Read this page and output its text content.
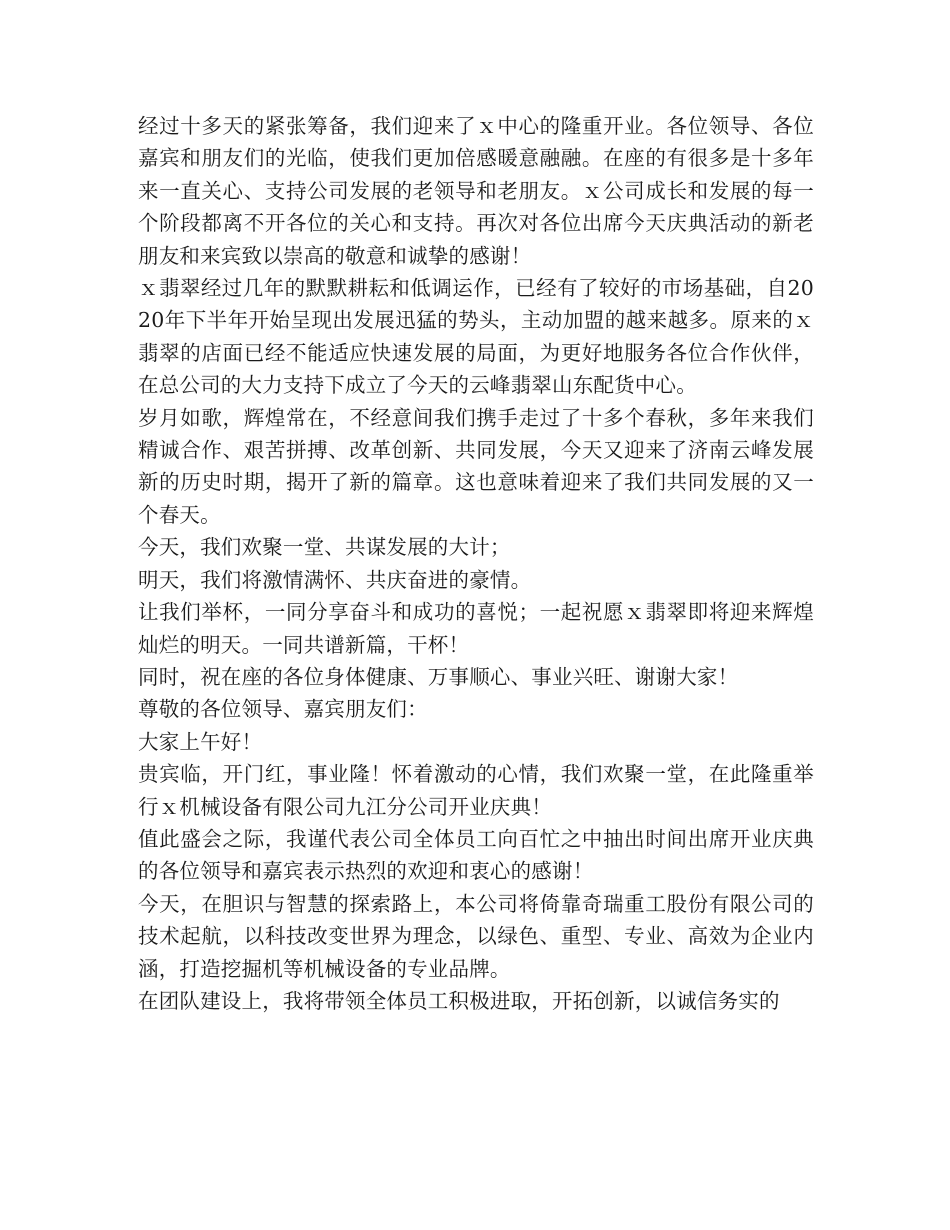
经过十多天的紧张筹备，我们迎来了ｘ中心的隆重开业。各位领导、各位嘉宾和朋友们的光临，使我们更加倍感暖意融融。在座的有很多是十多年来一直关心、支持公司发展的老领导和老朋友。ｘ公司成长和发展的每一个阶段都离不开各位的关心和支持。再次对各位出席今天庆典活动的新老朋友和来宾致以崇高的敬意和诚挚的感谢！

ｘ翡翠经过几年的默默耕耘和低调运作，已经有了较好的市场基础，自2020年下半年开始呈现出发展迅猛的势头，主动加盟的越来越多。原来的ｘ翡翠的店面已经不能适应快速发展的局面，为更好地服务各位合作伙伴，在总公司的大力支持下成立了今天的云峰翡翠山东配货中心。

岁月如歌，辉煌常在，不经意间我们携手走过了十多个春秋，多年来我们精诚合作、艰苦拼搏、改革创新、共同发展，今天又迎来了济南云峰发展新的历史时期，揭开了新的篇章。这也意味着迎来了我们共同发展的又一个春天。

今天，我们欢聚一堂、共谋发展的大计；

明天，我们将激情满怀、共庆奋进的豪情。

让我们举杯，一同分享奋斗和成功的喜悦；一起祝愿ｘ翡翠即将迎来辉煌灿烂的明天。一同共谱新篇，干杯！

同时，祝在座的各位身体健康、万事顺心、事业兴旺、谢谢大家！

尊敬的各位领导、嘉宾朋友们：

大家上午好！

贵宾临，开门红，事业隆！怀着激动的心情，我们欢聚一堂，在此隆重举行ｘ机械设备有限公司九江分公司开业庆典！

值此盛会之际，我谨代表公司全体员工向百忙之中抽出时间出席开业庆典的各位领导和嘉宾表示热烈的欢迎和衷心的感谢！

今天，在胆识与智慧的探索路上，本公司将倚靠奇瑞重工股份有限公司的技术起航，以科技改变世界为理念，以绿色、重型、专业、高效为企业内涵，打造挖掘机等机械设备的专业品牌。

在团队建设上，我将带领全体员工积极进取，开拓创新，以诚信务实的
